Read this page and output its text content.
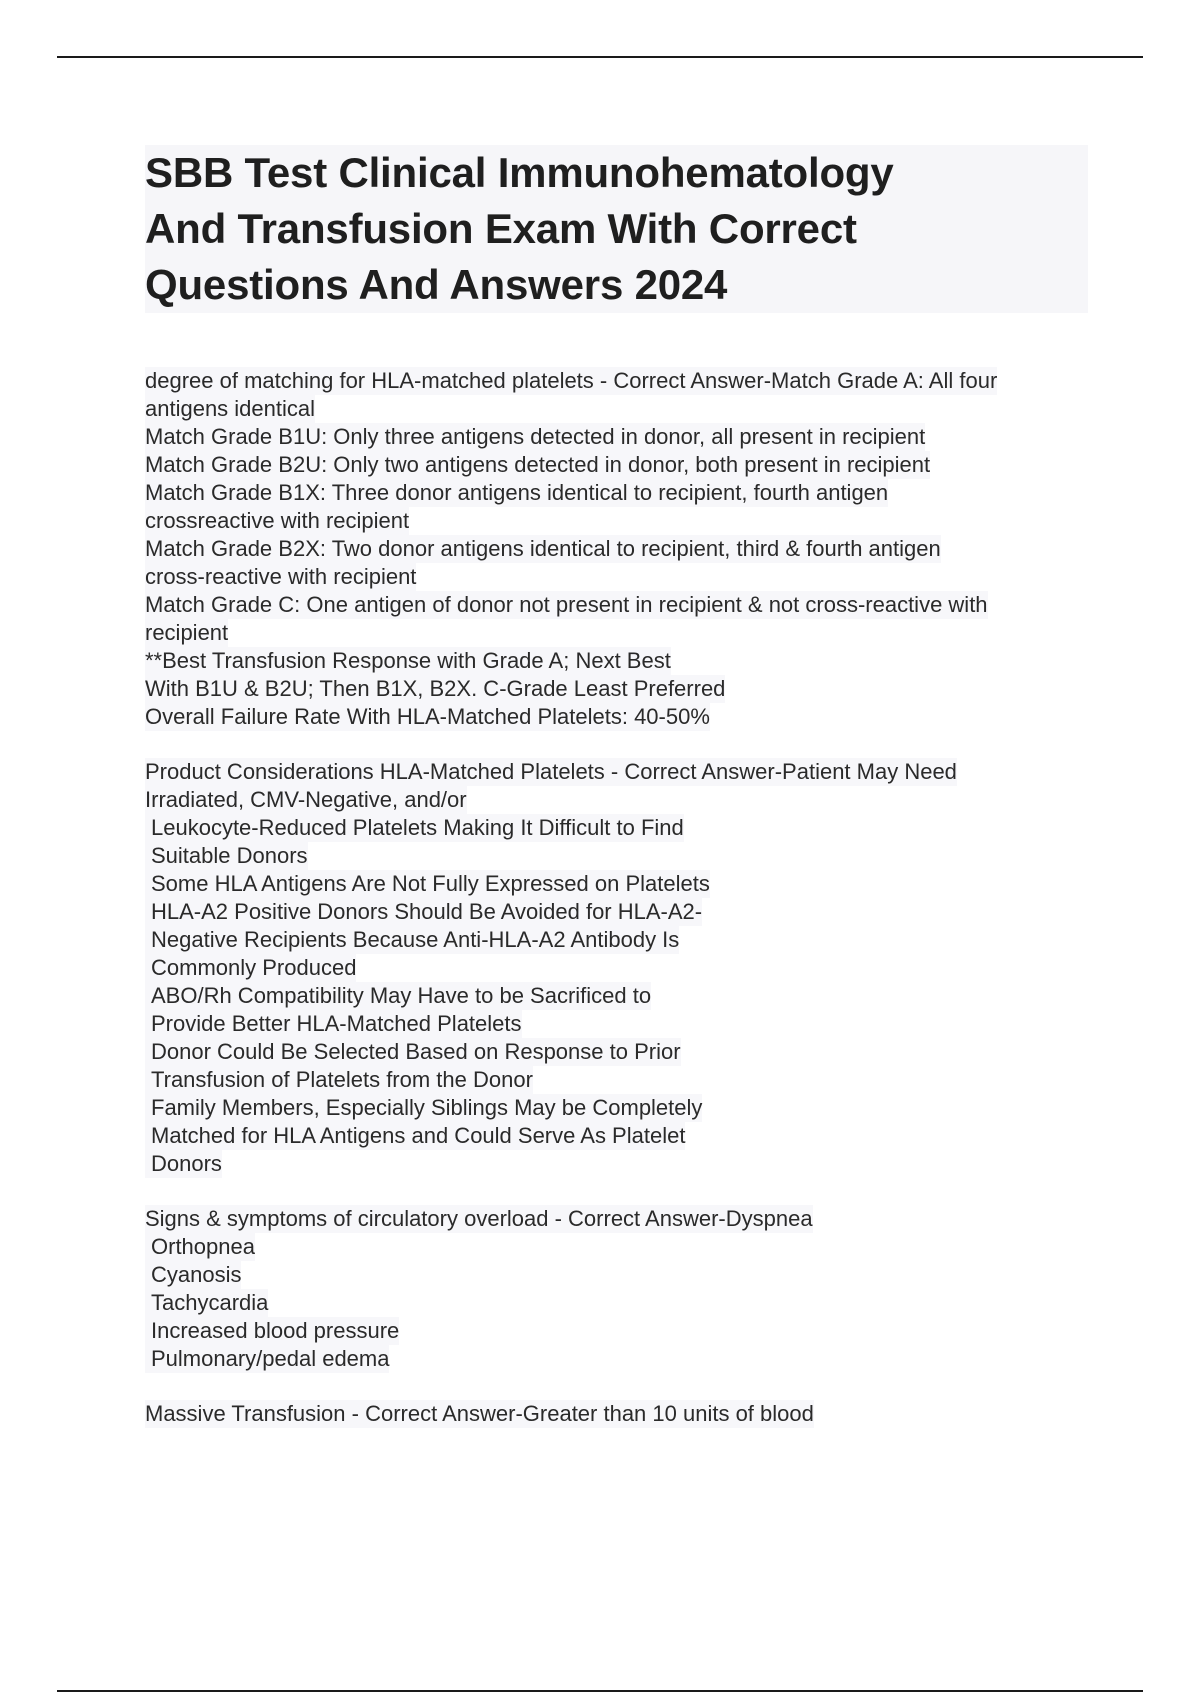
SBB Test Clinical Immunohematology
And Transfusion Exam With Correct
Questions And Answers 2024
degree of matching for HLA-matched platelets - Correct Answer-Match Grade A: All four
antigens identical
Match Grade B1U: Only three antigens detected in donor, all present in recipient
Match Grade B2U: Only two antigens detected in donor, both present in recipient
Match Grade B1X: Three donor antigens identical to recipient, fourth antigen
crossreactive with recipient
Match Grade B2X: Two donor antigens identical to recipient, third & fourth antigen
cross-reactive with recipient
Match Grade C: One antigen of donor not present in recipient & not cross-reactive with
recipient
**Best Transfusion Response with Grade A; Next Best
With B1U & B2U; Then B1X, B2X. C-Grade Least Preferred
Overall Failure Rate With HLA-Matched Platelets: 40-50%
Product Considerations HLA-Matched Platelets - Correct Answer-Patient May Need
Irradiated, CMV-Negative, and/or
Leukocyte-Reduced Platelets Making It Difficult to Find
Suitable Donors
Some HLA Antigens Are Not Fully Expressed on Platelets
HLA-A2 Positive Donors Should Be Avoided for HLA-A2-
Negative Recipients Because Anti-HLA-A2 Antibody Is
Commonly Produced
ABO/Rh Compatibility May Have to be Sacrificed to
Provide Better HLA-Matched Platelets
Donor Could Be Selected Based on Response to Prior
Transfusion of Platelets from the Donor
Family Members, Especially Siblings May be Completely
Matched for HLA Antigens and Could Serve As Platelet
Donors
Signs & symptoms of circulatory overload - Correct Answer-Dyspnea
Orthopnea
Cyanosis
Tachycardia
Increased blood pressure
Pulmonary/pedal edema
Massive Transfusion - Correct Answer-Greater than 10 units of blood
